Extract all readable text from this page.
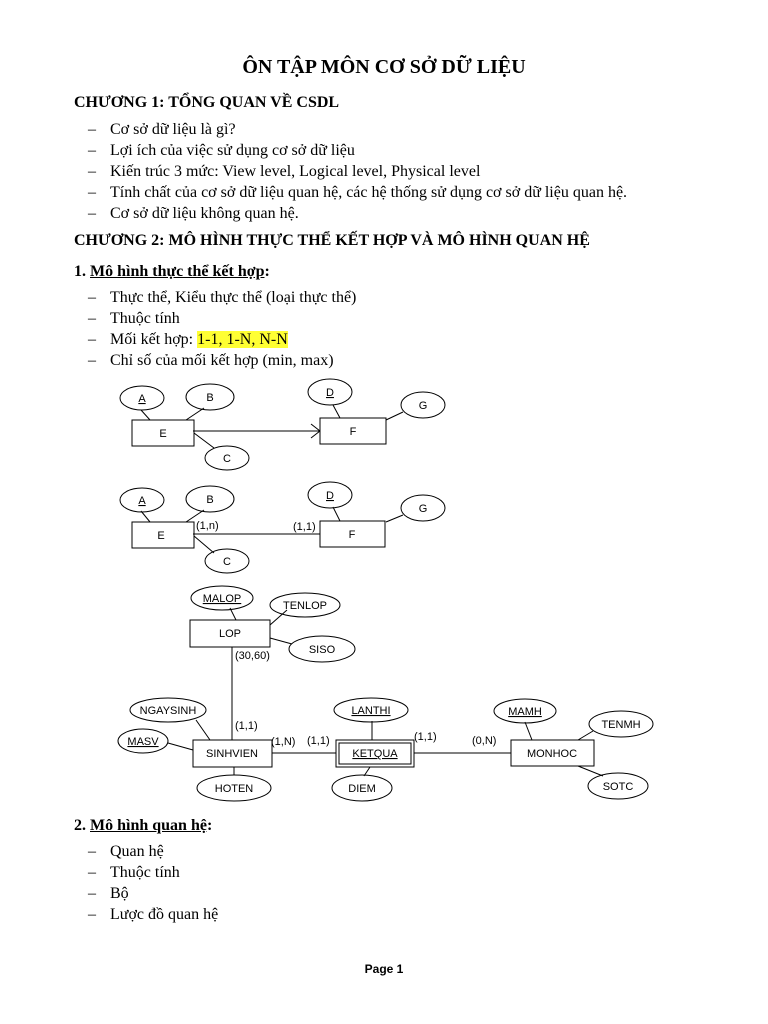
ÔN TẬP MÔN CƠ SỞ DỮ LIỆU
CHƯƠNG 1: TỔNG QUAN VỀ CSDL
– Cơ sở dữ liệu là gì?
– Lợi ích của việc sử dụng cơ sở dữ liệu
– Kiến trúc 3 mức: View level, Logical level, Physical level
– Tính chất của cơ sở dữ liệu quan hệ, các hệ thống sử dụng cơ sở dữ liệu quan hệ.
– Cơ sở dữ liệu không quan hệ.
CHƯƠNG 2: MÔ HÌNH THỰC THỂ KẾT HỢP VÀ MÔ HÌNH QUAN HỆ
1. Mô hình thực thể kết hợp:
– Thực thể, Kiểu thực thể (loại thực thể)
– Thuộc tính
– Mối kết hợp: 1-1, 1-N, N-N
– Chỉ số của mối kết hợp (min, max)
A	B
C
D
G
E	F
A	B
C
D
G
E	F
(1,n)	(1,1)
MALOP
TENLOP
SISO
LOP
(30,60)
NGAYSINH
MASV
HOTEN
SINHVIEN
(1,1)
(1,N) (1,1)
LANTHI
DIEM
KETQUA
(1,1)	(0,N)
MAMH
TENMH
SOTC
MONHOC
2. Mô hình quan hệ:
– Quan hệ
– Thuộc tính
– Bộ
– Lược đồ quan hệ
Page 1
